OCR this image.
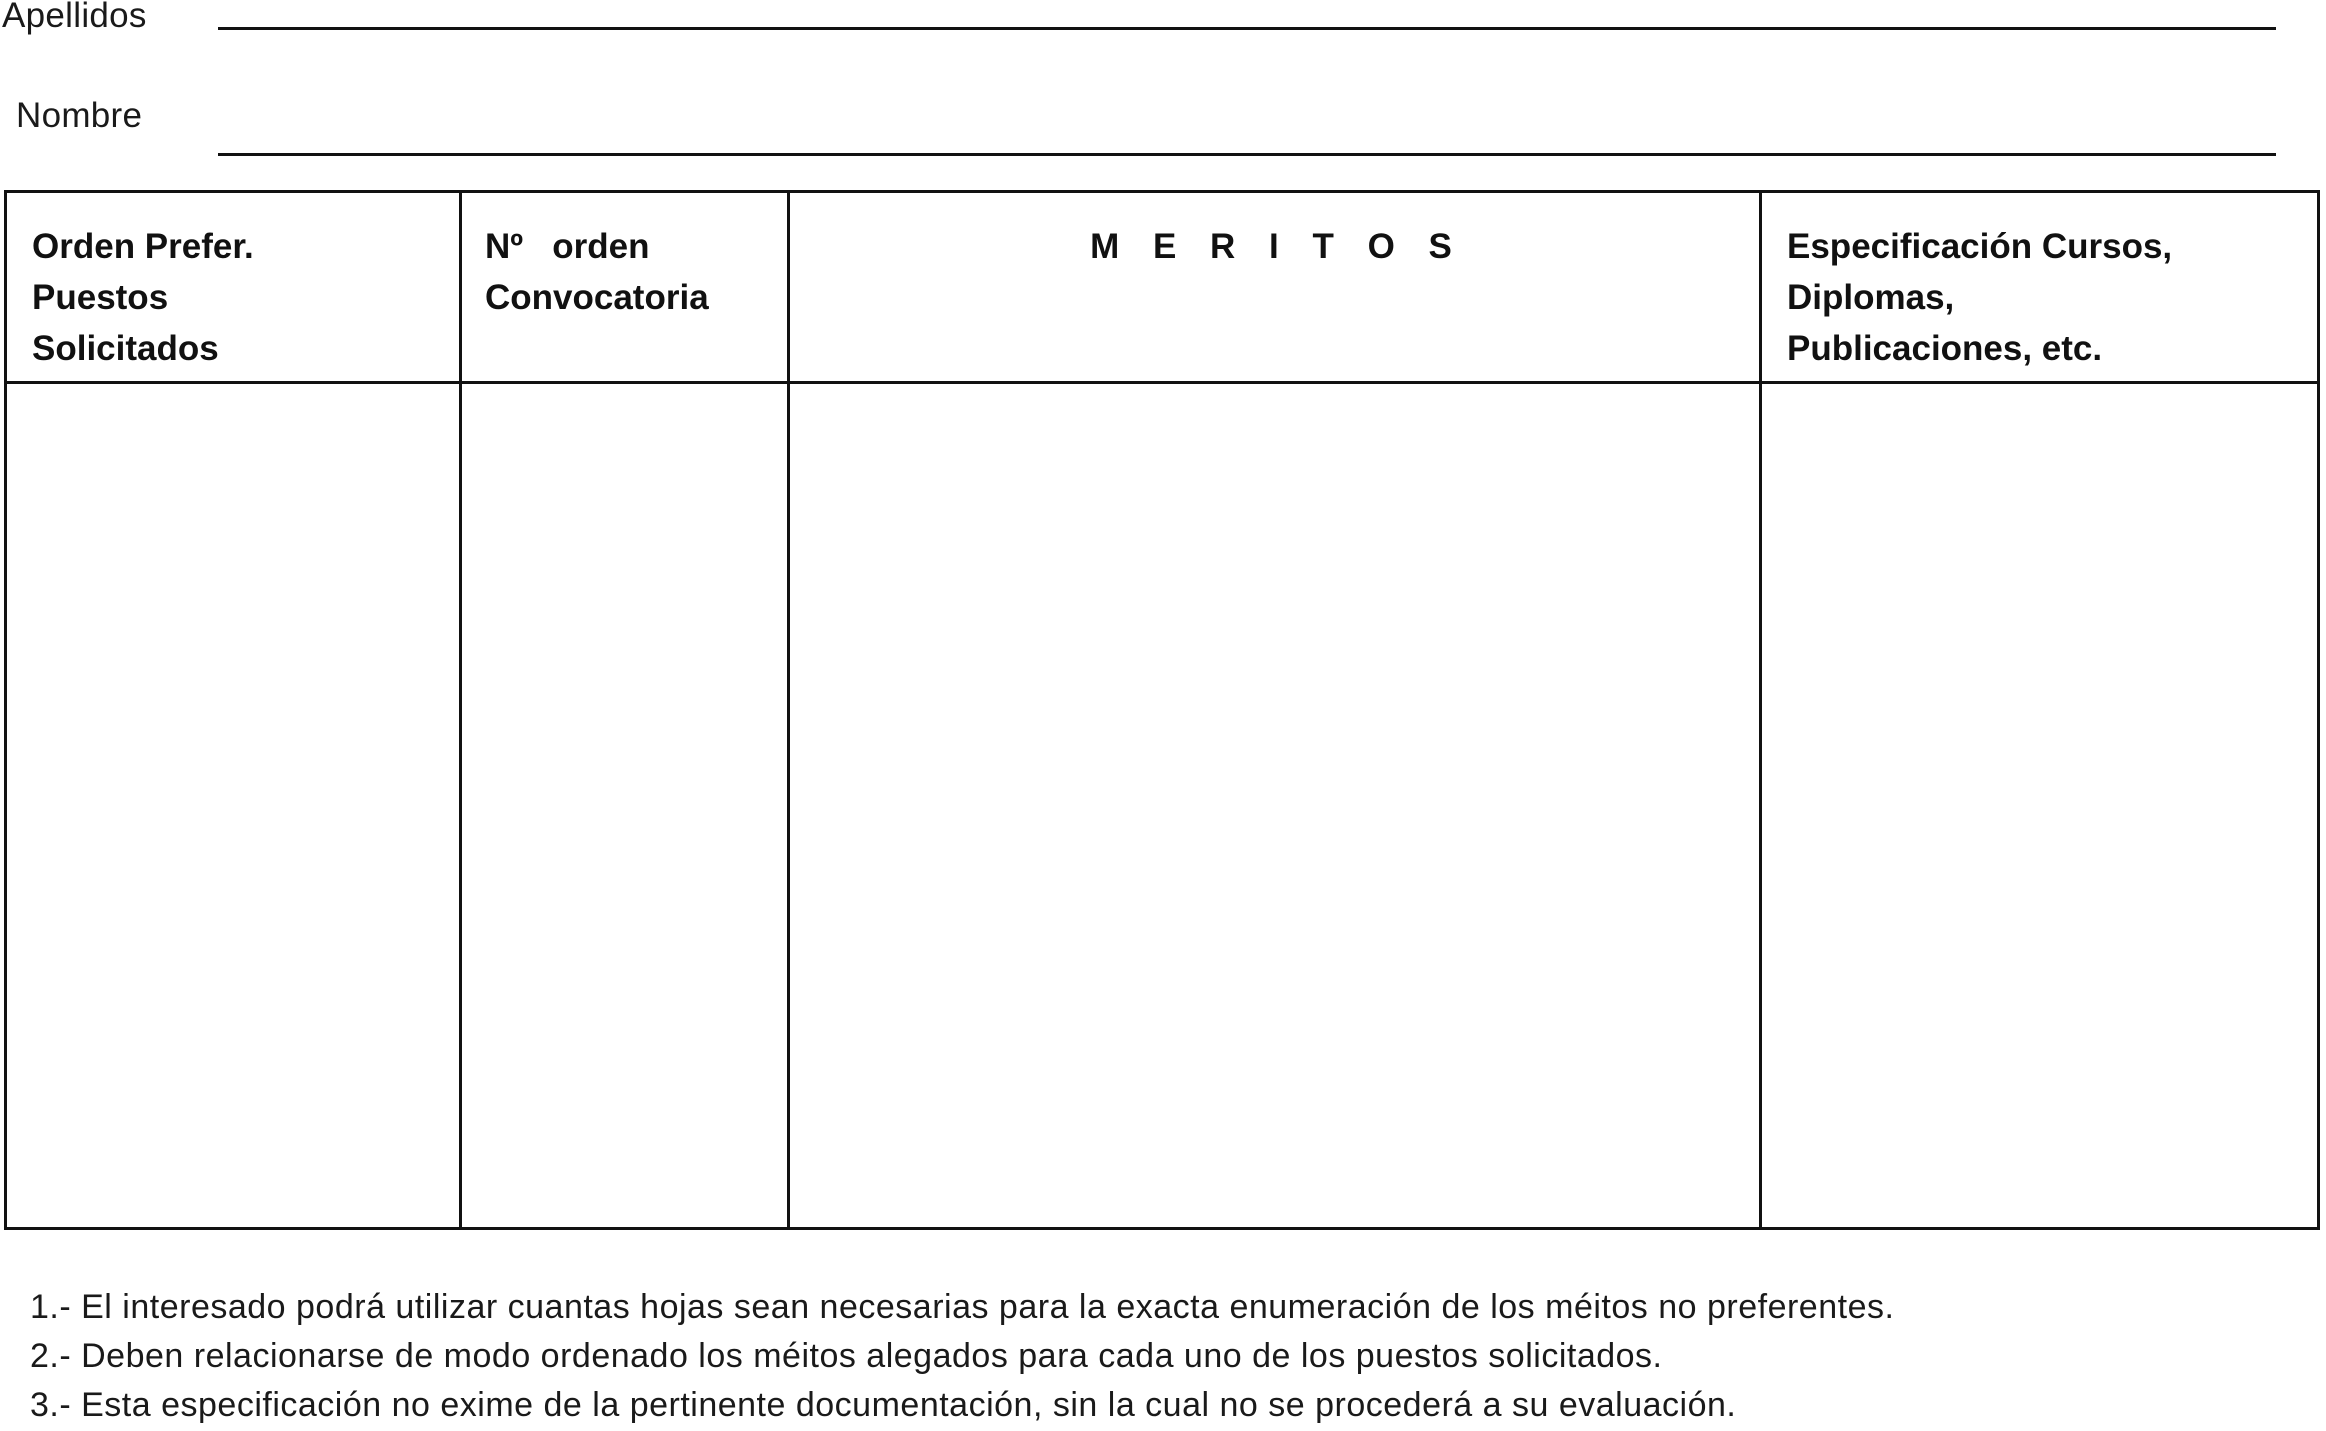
Apellidos
Nombre
Orden Prefer.
Puestos
Solicitados
Nº   orden
Convocatoria
M E R I T O S	Especificación Cursos,
Diplomas,
Publicaciones, etc.
1.- El interesado podrá utilizar cuantas hojas sean necesarias para la exacta enumeración de los méitos no preferentes.
2.- Deben relacionarse de modo ordenado los méitos alegados para cada uno de los puestos solicitados.
3.- Esta especificación no exime de la pertinente documentación, sin la cual no se procederá a su evaluación.
